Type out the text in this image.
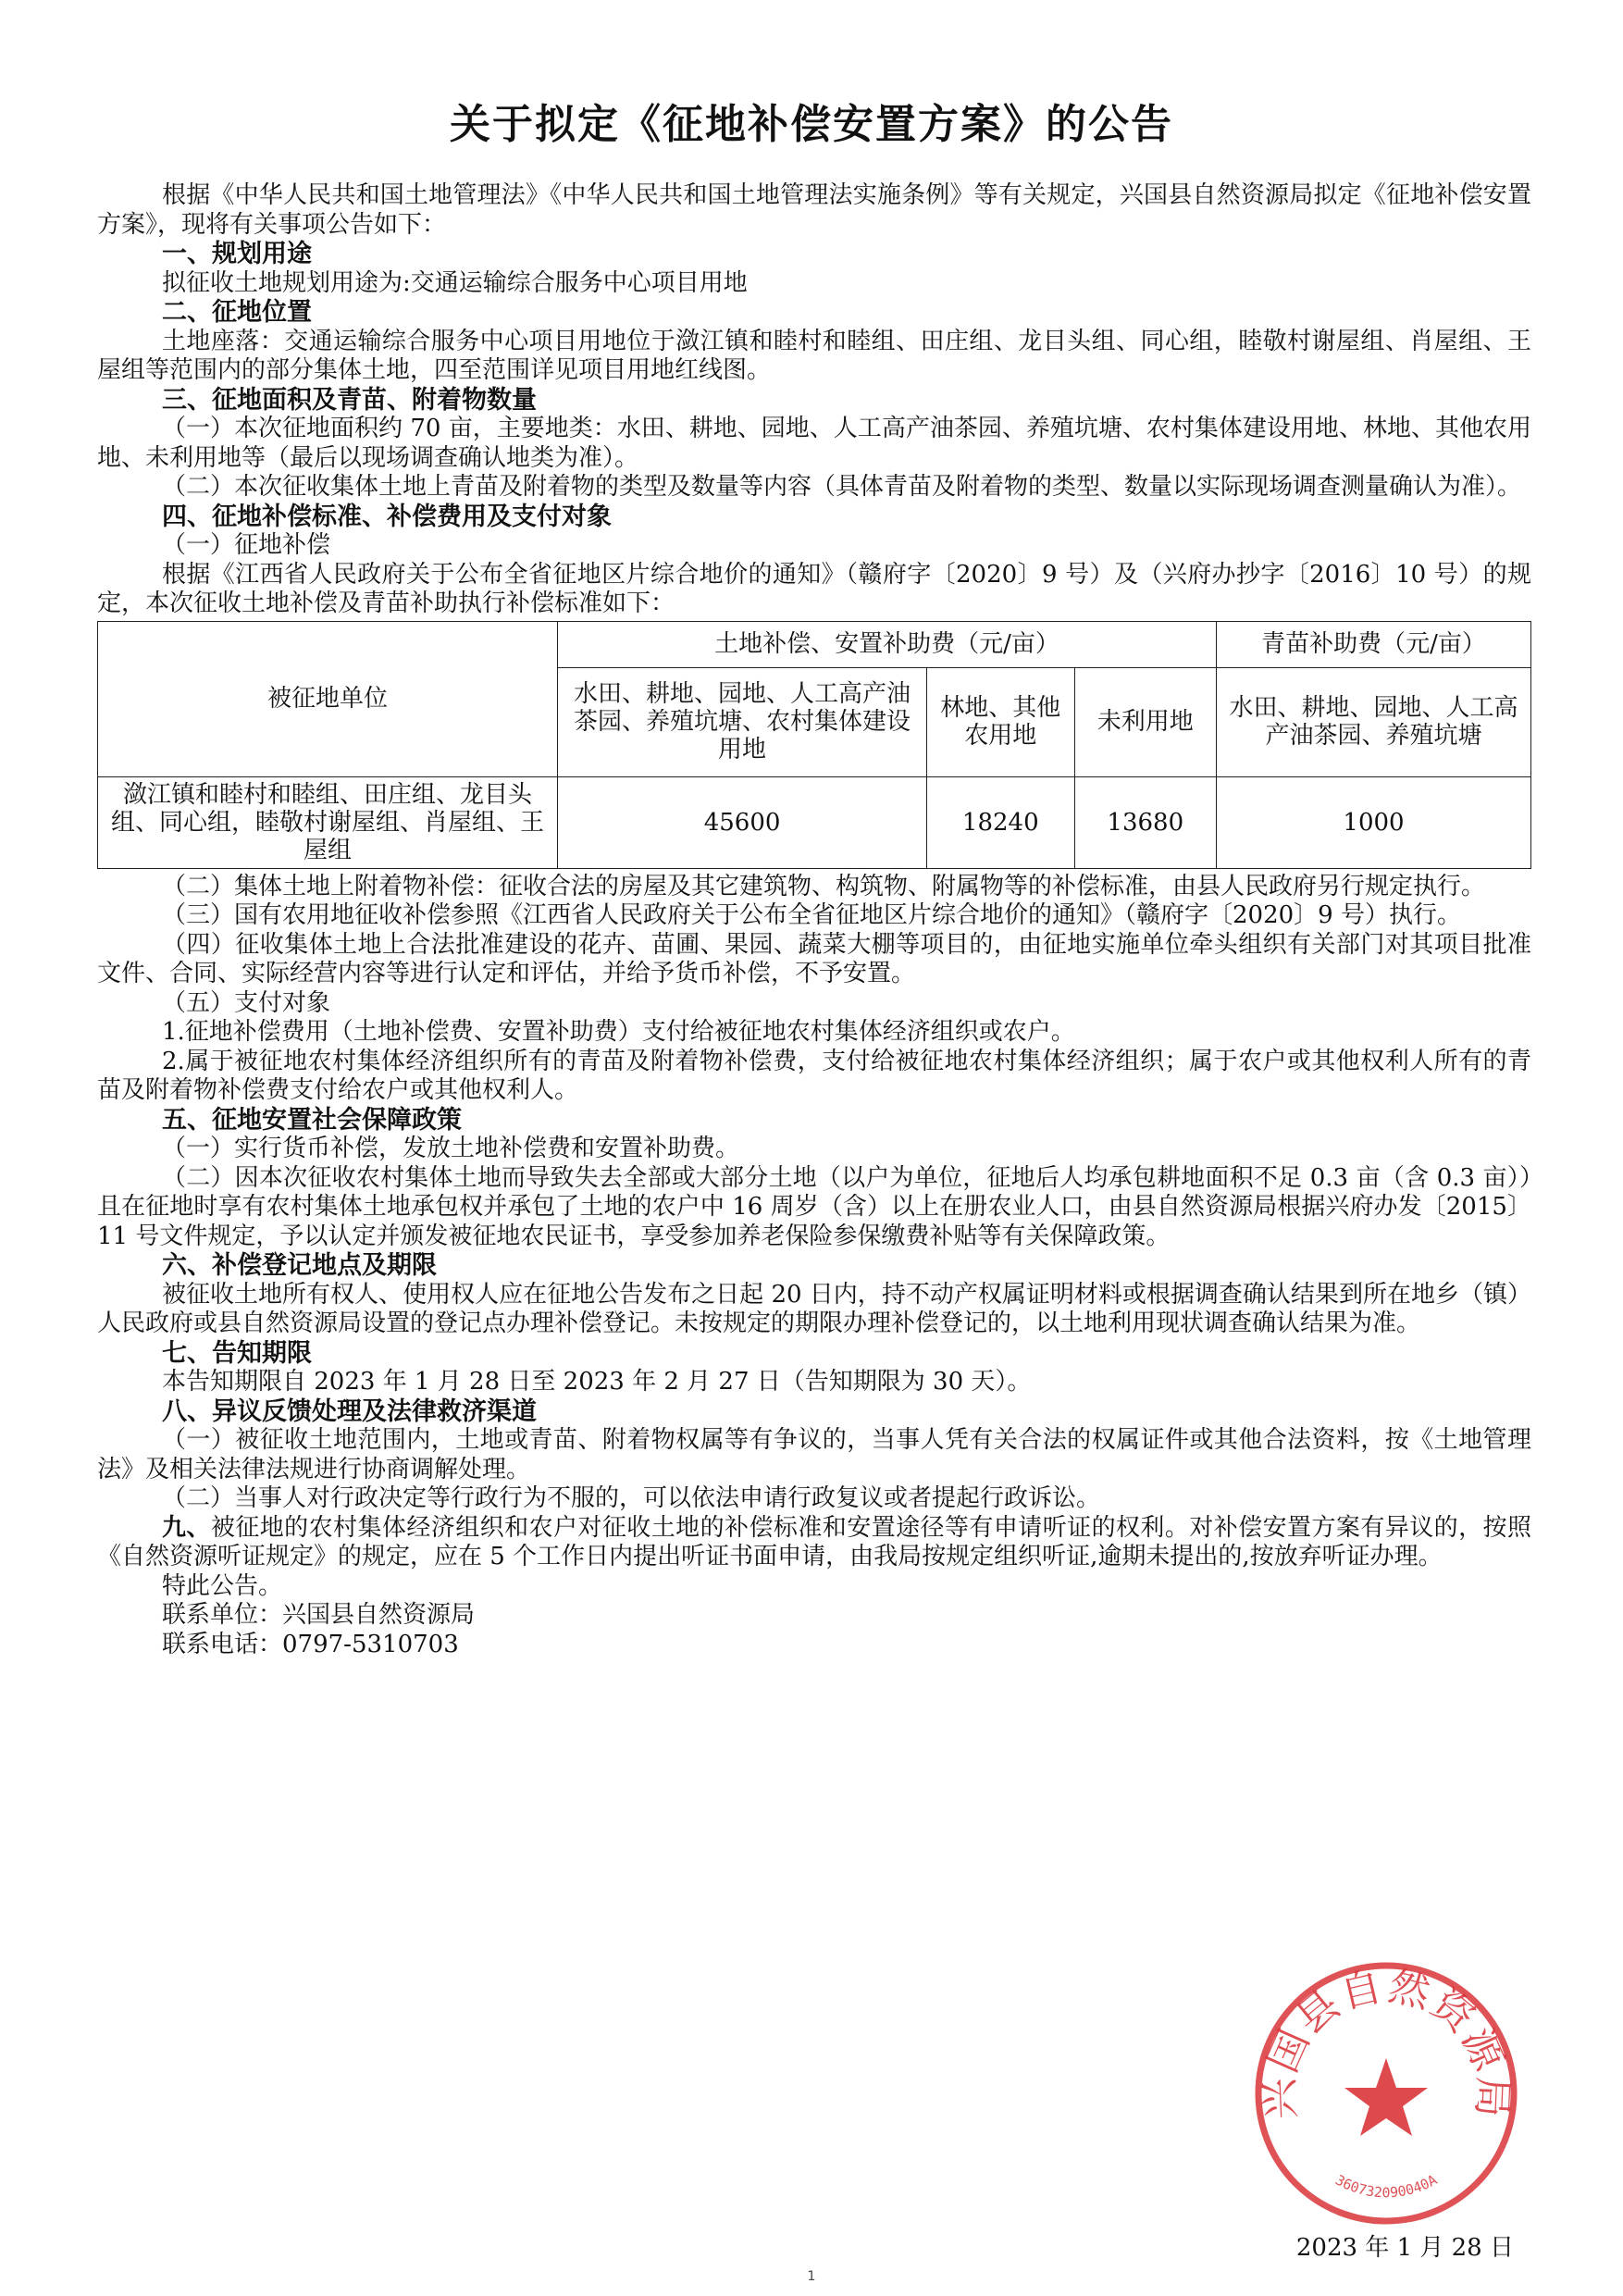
关于拟定《征地补偿安置方案》的公告

根据《中华人民共和国土地管理法》《中华人民共和国土地管理法实施条例》等有关规定，兴国县自然资源局拟定《征地补偿安置方案》，现将有关事项公告如下：

一、规划用途

拟征收土地规划用途为:交通运输综合服务中心项目用地

二、征地位置

土地座落：交通运输综合服务中心项目用地位于潋江镇和睦村和睦组、田庄组、龙目头组、同心组，睦敬村谢屋组、肖屋组、王屋组等范围内的部分集体土地，四至范围详见项目用地红线图。

三、征地面积及青苗、附着物数量

（一）本次征地面积约 70 亩，主要地类：水田、耕地、园地、人工高产油茶园、养殖坑塘、农村集体建设用地、林地、其他农用地、未利用地等（最后以现场调查确认地类为准）。

（二）本次征收集体土地上青苗及附着物的类型及数量等内容（具体青苗及附着物的类型、数量以实际现场调查测量确认为准）。

四、征地补偿标准、补偿费用及支付对象

（一）征地补偿

根据《江西省人民政府关于公布全省征地区片综合地价的通知》（赣府字〔2020〕9 号）及（兴府办抄字〔2016〕10 号）的规定，本次征收土地补偿及青苗补助执行补偿标准如下：

被征地单位	土地补偿、安置补助费（元/亩）			青苗补助费（元/亩）
	水田、耕地、园地、人工高产油茶园、养殖坑塘、农村集体建设用地	林地、其他农用地	未利用地	水田、耕地、园地、人工高产油茶园、养殖坑塘
潋江镇和睦村和睦组、田庄组、龙目头组、同心组，睦敬村谢屋组、肖屋组、王屋组	45600	18240	13680	1000

（二）集体土地上附着物补偿：征收合法的房屋及其它建筑物、构筑物、附属物等的补偿标准，由县人民政府另行规定执行。

（三）国有农用地征收补偿参照《江西省人民政府关于公布全省征地区片综合地价的通知》（赣府字〔2020〕9 号）执行。

（四）征收集体土地上合法批准建设的花卉、苗圃、果园、蔬菜大棚等项目的，由征地实施单位牵头组织有关部门对其项目批准文件、合同、实际经营内容等进行认定和评估，并给予货币补偿，不予安置。

（五）支付对象

1.征地补偿费用（土地补偿费、安置补助费）支付给被征地农村集体经济组织或农户。

2.属于被征地农村集体经济组织所有的青苗及附着物补偿费，支付给被征地农村集体经济组织；属于农户或其他权利人所有的青苗及附着物补偿费支付给农户或其他权利人。

五、征地安置社会保障政策

（一）实行货币补偿，发放土地补偿费和安置补助费。

（二）因本次征收农村集体土地而导致失去全部或大部分土地（以户为单位，征地后人均承包耕地面积不足 0.3 亩（含 0.3 亩））且在征地时享有农村集体土地承包权并承包了土地的农户中 16 周岁（含）以上在册农业人口，由县自然资源局根据兴府办发〔2015〕11 号文件规定，予以认定并颁发被征地农民证书，享受参加养老保险参保缴费补贴等有关保障政策。

六、补偿登记地点及期限

被征收土地所有权人、使用权人应在征地公告发布之日起 20 日内，持不动产权属证明材料或根据调查确认结果到所在地乡（镇）人民政府或县自然资源局设置的登记点办理补偿登记。未按规定的期限办理补偿登记的，以土地利用现状调查确认结果为准。

七、告知期限

本告知期限自 2023 年 1 月 28 日至 2023 年 2 月 27 日（告知期限为 30 天）。

八、异议反馈处理及法律救济渠道

（一）被征收土地范围内，土地或青苗、附着物权属等有争议的，当事人凭有关合法的权属证件或其他合法资料，按《土地管理法》及相关法律法规进行协商调解处理。

（二）当事人对行政决定等行政行为不服的，可以依法申请行政复议或者提起行政诉讼。

九、被征地的农村集体经济组织和农户对征收土地的补偿标准和安置途径等有申请听证的权利。对补偿安置方案有异议的，按照《自然资源听证规定》的规定，应在 5 个工作日内提出听证书面申请，由我局按规定组织听证,逾期未提出的,按放弃听证办理。

特此公告。

联系单位：兴国县自然资源局

联系电话：0797-5310703

兴国县自然资源局
360732090040A
2023 年 1 月 28 日
1
